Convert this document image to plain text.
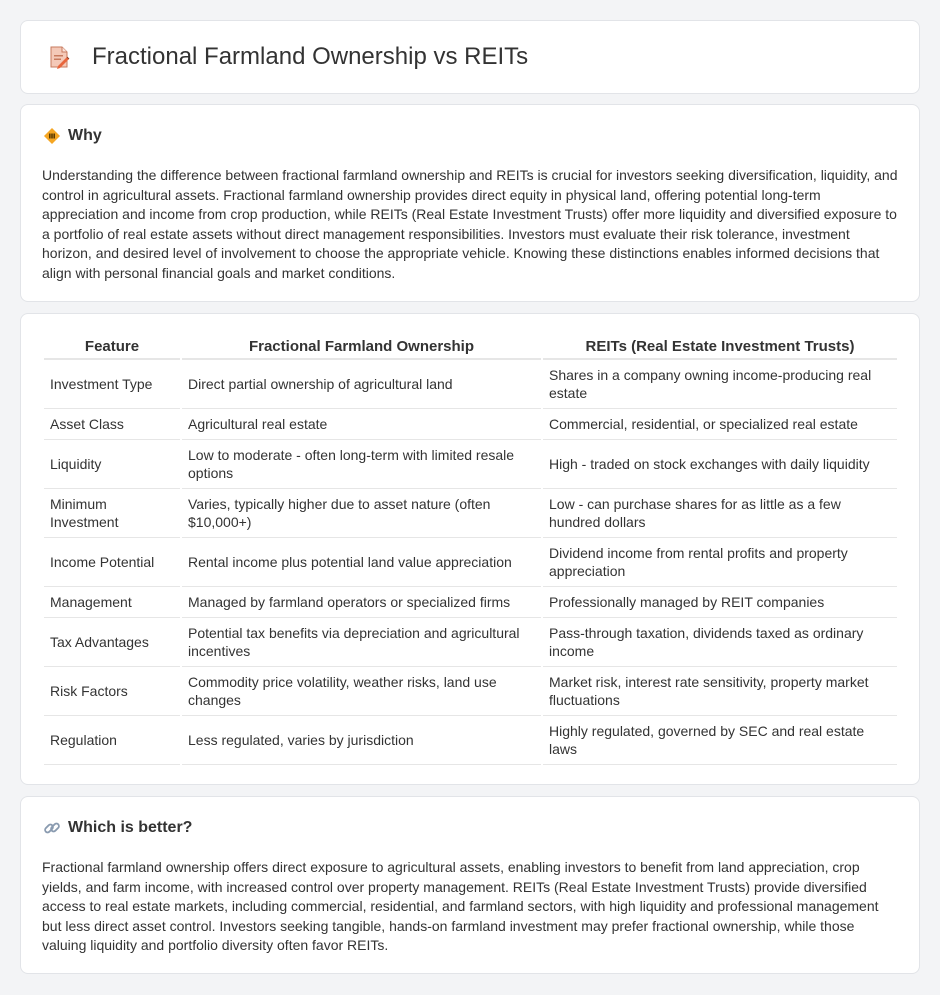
Fractional Farmland Ownership vs REITs
Why

Understanding the difference between fractional farmland ownership and REITs is crucial for investors seeking diversification, liquidity, and control in agricultural assets. Fractional farmland ownership provides direct equity in physical land, offering potential long-term appreciation and income from crop production, while REITs (Real Estate Investment Trusts) offer more liquidity and diversified exposure to a portfolio of real estate assets without direct management responsibilities. Investors must evaluate their risk tolerance, investment horizon, and desired level of involvement to choose the appropriate vehicle. Knowing these distinctions enables informed decisions that align with personal financial goals and market conditions.

Feature	Fractional Farmland Ownership	REITs (Real Estate Investment Trusts)
Investment Type	Direct partial ownership of agricultural land	Shares in a company owning income-producing real estate
Asset Class	Agricultural real estate	Commercial, residential, or specialized real estate
Liquidity	Low to moderate - often long-term with limited resale options	High - traded on stock exchanges with daily liquidity
Minimum Investment	Varies, typically higher due to asset nature (often $10,000+)	Low - can purchase shares for as little as a few hundred dollars
Income Potential	Rental income plus potential land value appreciation	Dividend income from rental profits and property appreciation
Management	Managed by farmland operators or specialized firms	Professionally managed by REIT companies
Tax Advantages	Potential tax benefits via depreciation and agricultural incentives	Pass-through taxation, dividends taxed as ordinary income
Risk Factors	Commodity price volatility, weather risks, land use changes	Market risk, interest rate sensitivity, property market fluctuations
Regulation	Less regulated, varies by jurisdiction	Highly regulated, governed by SEC and real estate laws
Which is better?

Fractional farmland ownership offers direct exposure to agricultural assets, enabling investors to benefit from land appreciation, crop yields, and farm income, with increased control over property management. REITs (Real Estate Investment Trusts) provide diversified access to real estate markets, including commercial, residential, and farmland sectors, with high liquidity and professional management but less direct asset control. Investors seeking tangible, hands-on farmland investment may prefer fractional ownership, while those valuing liquidity and portfolio diversity often favor REITs.
